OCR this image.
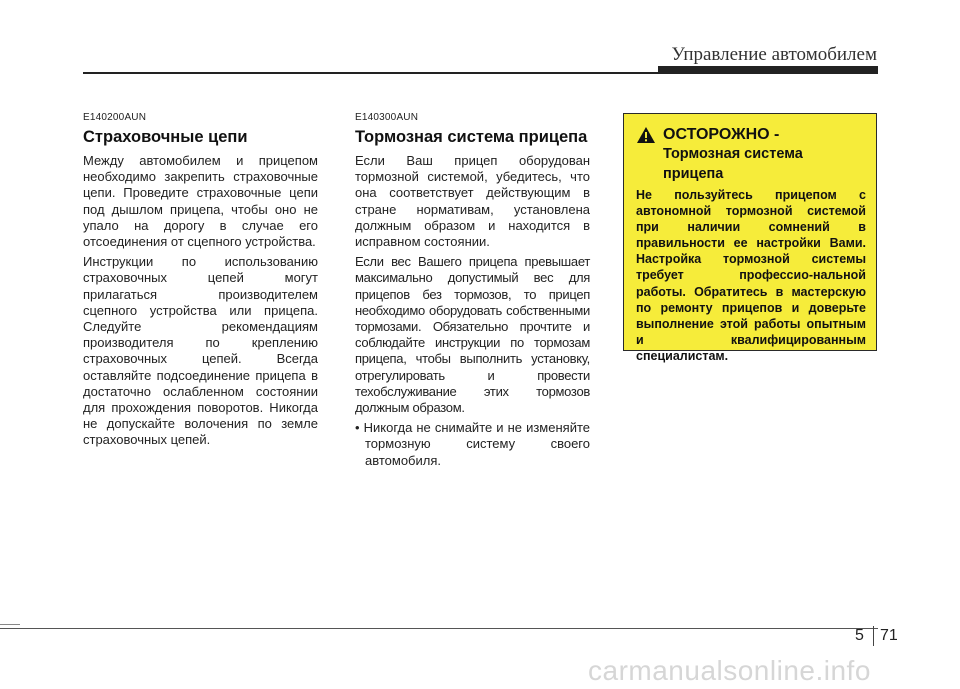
Управление автомобилем
E140200AUN
Страховочные цепи

Между автомобилем и прицепом необходимо закрепить страховочные цепи. Проведите страховочные цепи под дышлом прицепа, чтобы оно не упало на дорогу в случае его отсоединения от сцепного устройства.

Инструкции по использованию страховочных цепей могут прилагаться производителем сцепного устройства или прицепа. Следуйте рекомендациям производителя по креплению страховочных цепей. Всегда оставляйте подсоединение прицепа в достаточно ослабленном состоянии для прохождения поворотов. Никогда не допускайте волочения по земле страховочных цепей.

E140300AUN
Тормозная система прицепа

Если Ваш прицеп оборудован тормозной системой, убедитесь, что она соответствует действующим в стране нормативам, установлена должным образом и находится в исправном состоянии.

Если вес Вашего прицепа превышает максимально допустимый вес для прицепов без тормозов, то прицеп необходимо оборудовать собственными тормозами. Обязательно прочтите и соблюдайте инструкции по тормозам прицепа, чтобы выполнить установку, отрегулировать и провести техобслуживание этих тормозов должным образом.

• Никогда не снимайте и не изменяйте тормозную систему своего автомобиля.

ОСТОРОЖНО -
Тормозная система прицепа

Не пользуйтесь прицепом с автономной тормозной системой при наличии сомнений в правильности ее настройки Вами. Настройка тормозной системы требует профессио-нальной работы. Обратитесь в мастерскую по ремонту прицепов и доверьте выполнение этой работы опытным и квалифицированным специалистам.

5 71
carmanualsonline.info
